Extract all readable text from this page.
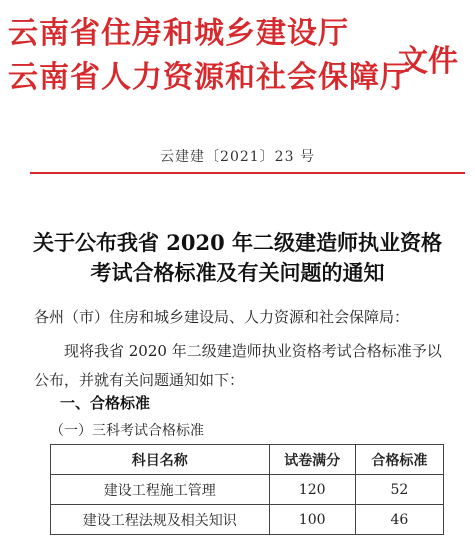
云南省住房和城乡建设厅
云南省人力资源和社会保障厅
文件
云建建〔2021〕23 号
关于公布我省 2020 年二级建造师执业资格
考试合格标准及有关问题的通知
各州（市）住房和城乡建设局、人力资源和社会保障局：
现将我省 2020 年二级建造师执业资格考试合格标准予以公布，并就有关问题通知如下：
一、合格标准
（一）三科考试合格标准
科目名称	试卷满分	合格标准
建设工程施工管理	120	52
建设工程法规及相关知识	100	46
